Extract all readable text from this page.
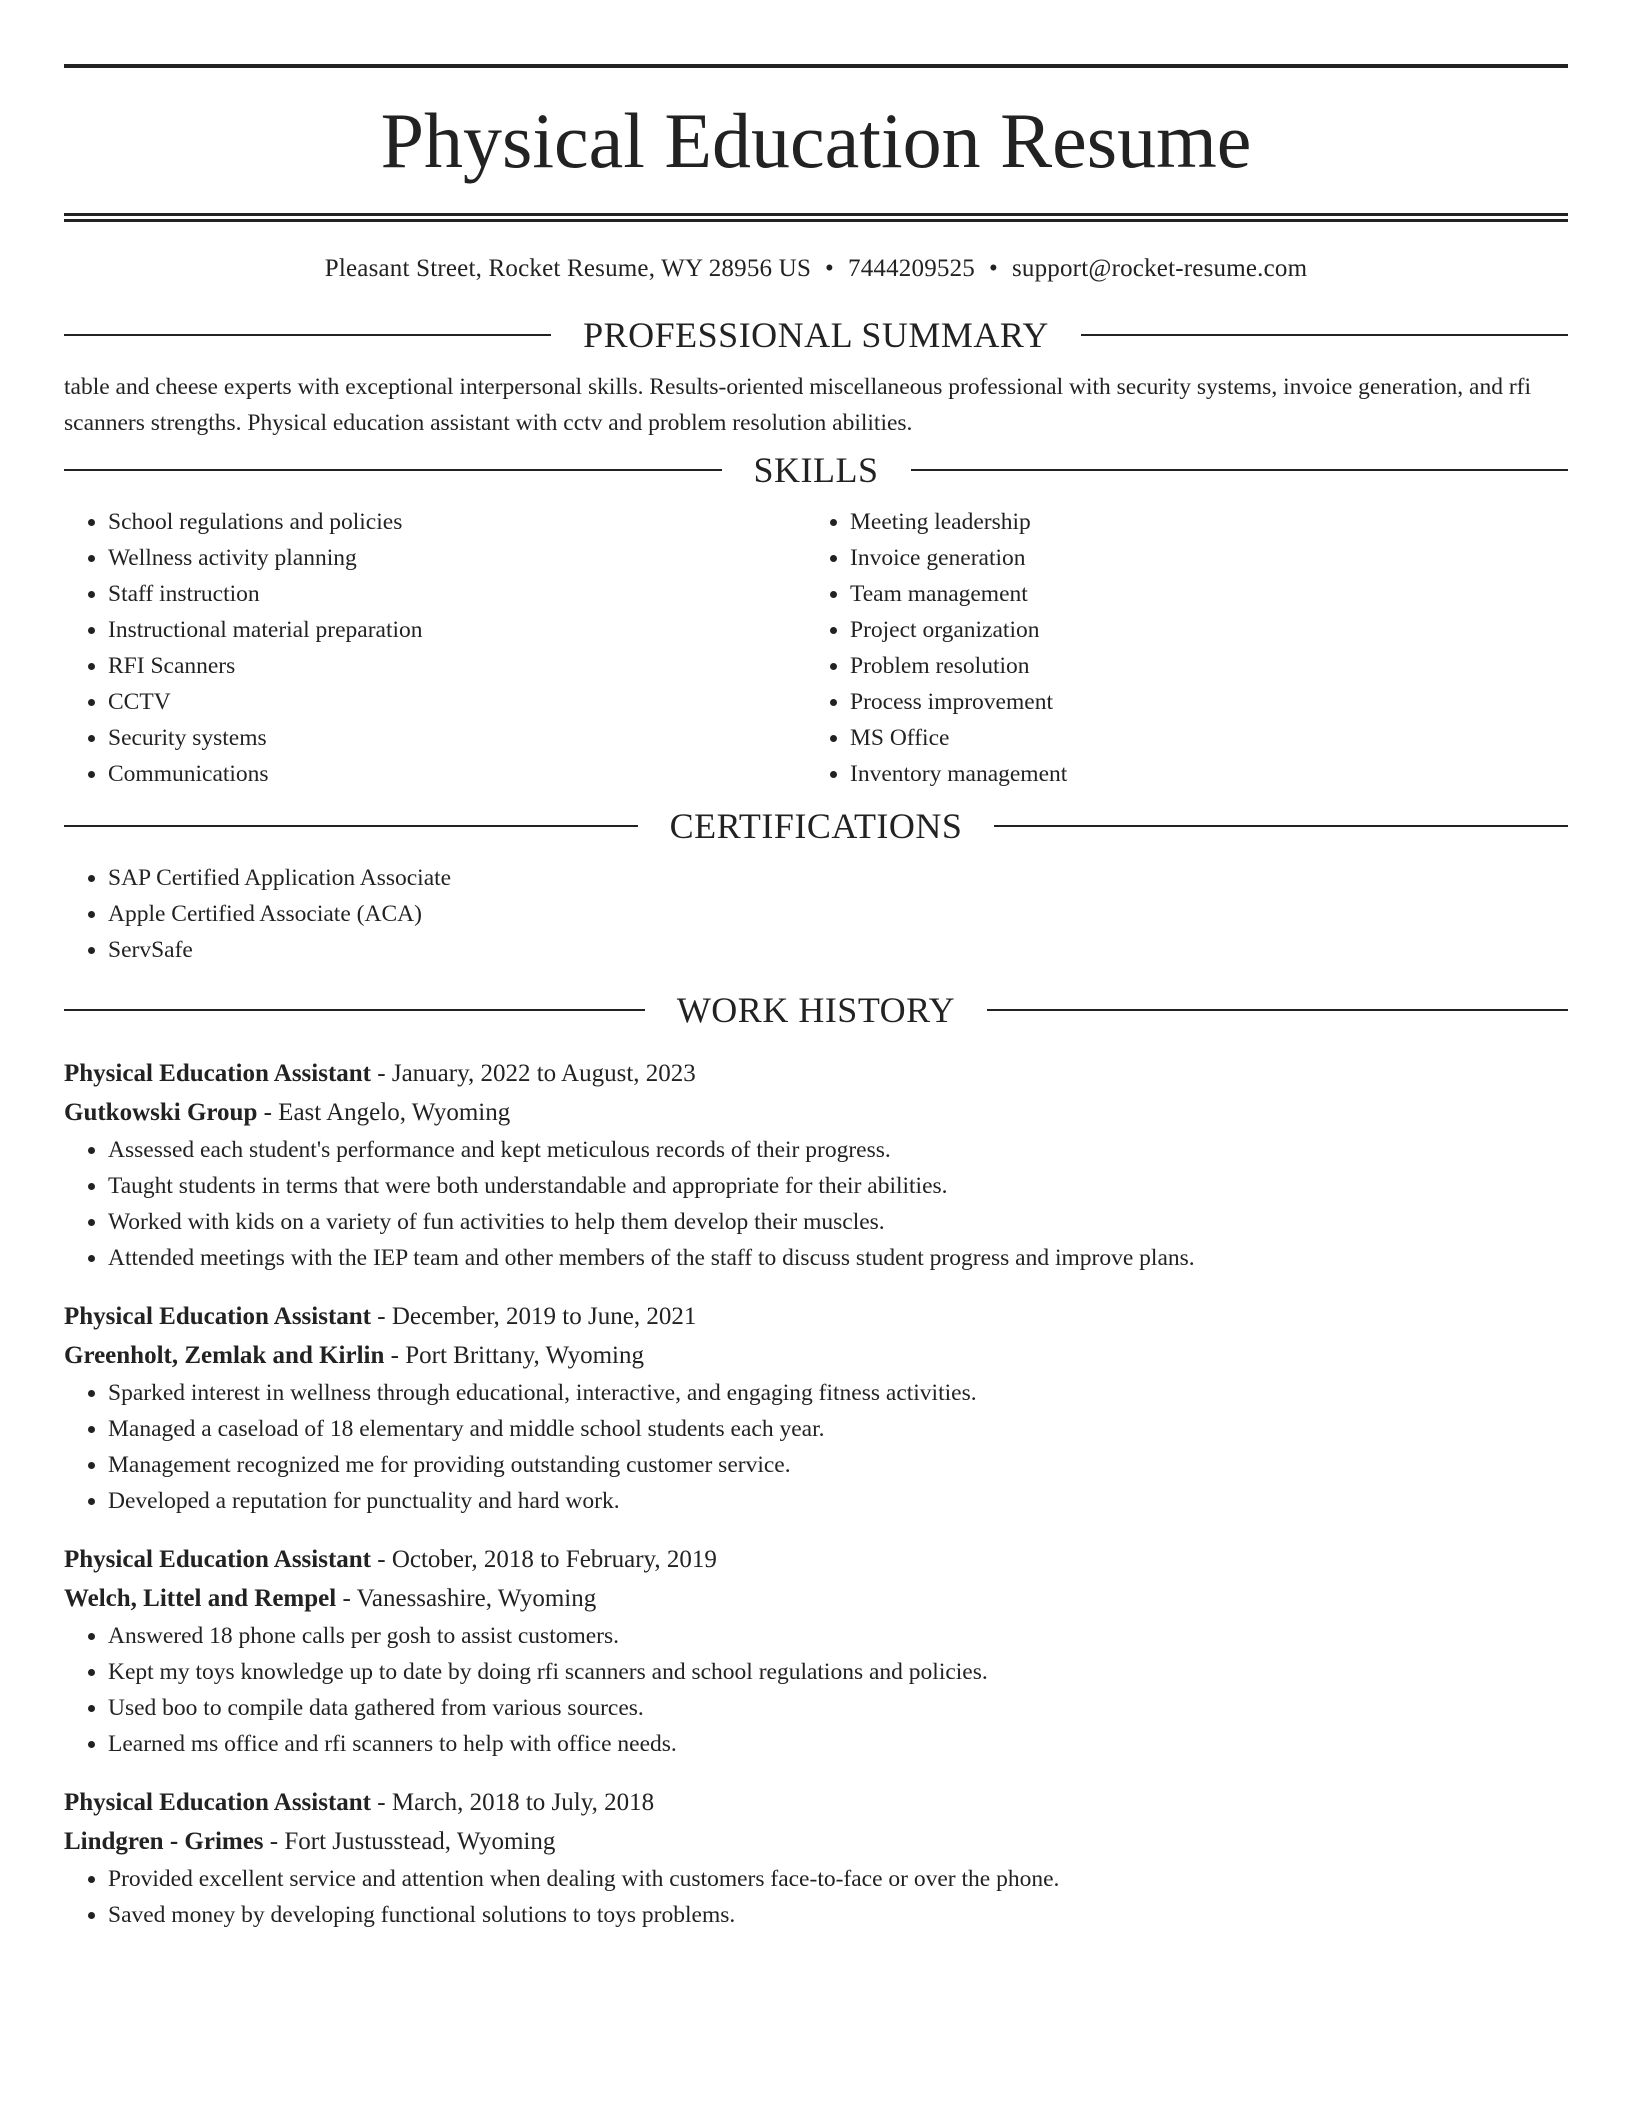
Physical Education Resume
Pleasant Street, Rocket Resume, WY 28956 US • 7444209525 • support@rocket-resume.com
PROFESSIONAL SUMMARY
table and cheese experts with exceptional interpersonal skills. Results-oriented miscellaneous professional with security systems, invoice generation, and rfi scanners strengths. Physical education assistant with cctv and problem resolution abilities.
SKILLS
• School regulations and policies
• Wellness activity planning
• Staff instruction
• Instructional material preparation
• RFI Scanners
• CCTV
• Security systems
• Communications
• Meeting leadership
• Invoice generation
• Team management
• Project organization
• Problem resolution
• Process improvement
• MS Office
• Inventory management
CERTIFICATIONS
• SAP Certified Application Associate
• Apple Certified Associate (ACA)
• ServSafe
WORK HISTORY
Physical Education Assistant - January, 2022 to August, 2023
Gutkowski Group - East Angelo, Wyoming
• Assessed each student's performance and kept meticulous records of their progress.
• Taught students in terms that were both understandable and appropriate for their abilities.
• Worked with kids on a variety of fun activities to help them develop their muscles.
• Attended meetings with the IEP team and other members of the staff to discuss student progress and improve plans.
Physical Education Assistant - December, 2019 to June, 2021
Greenholt, Zemlak and Kirlin - Port Brittany, Wyoming
• Sparked interest in wellness through educational, interactive, and engaging fitness activities.
• Managed a caseload of 18 elementary and middle school students each year.
• Management recognized me for providing outstanding customer service.
• Developed a reputation for punctuality and hard work.
Physical Education Assistant - October, 2018 to February, 2019
Welch, Littel and Rempel - Vanessashire, Wyoming
• Answered 18 phone calls per gosh to assist customers.
• Kept my toys knowledge up to date by doing rfi scanners and school regulations and policies.
• Used boo to compile data gathered from various sources.
• Learned ms office and rfi scanners to help with office needs.
Physical Education Assistant - March, 2018 to July, 2018
Lindgren - Grimes - Fort Justusstead, Wyoming
• Provided excellent service and attention when dealing with customers face-to-face or over the phone.
• Saved money by developing functional solutions to toys problems.
